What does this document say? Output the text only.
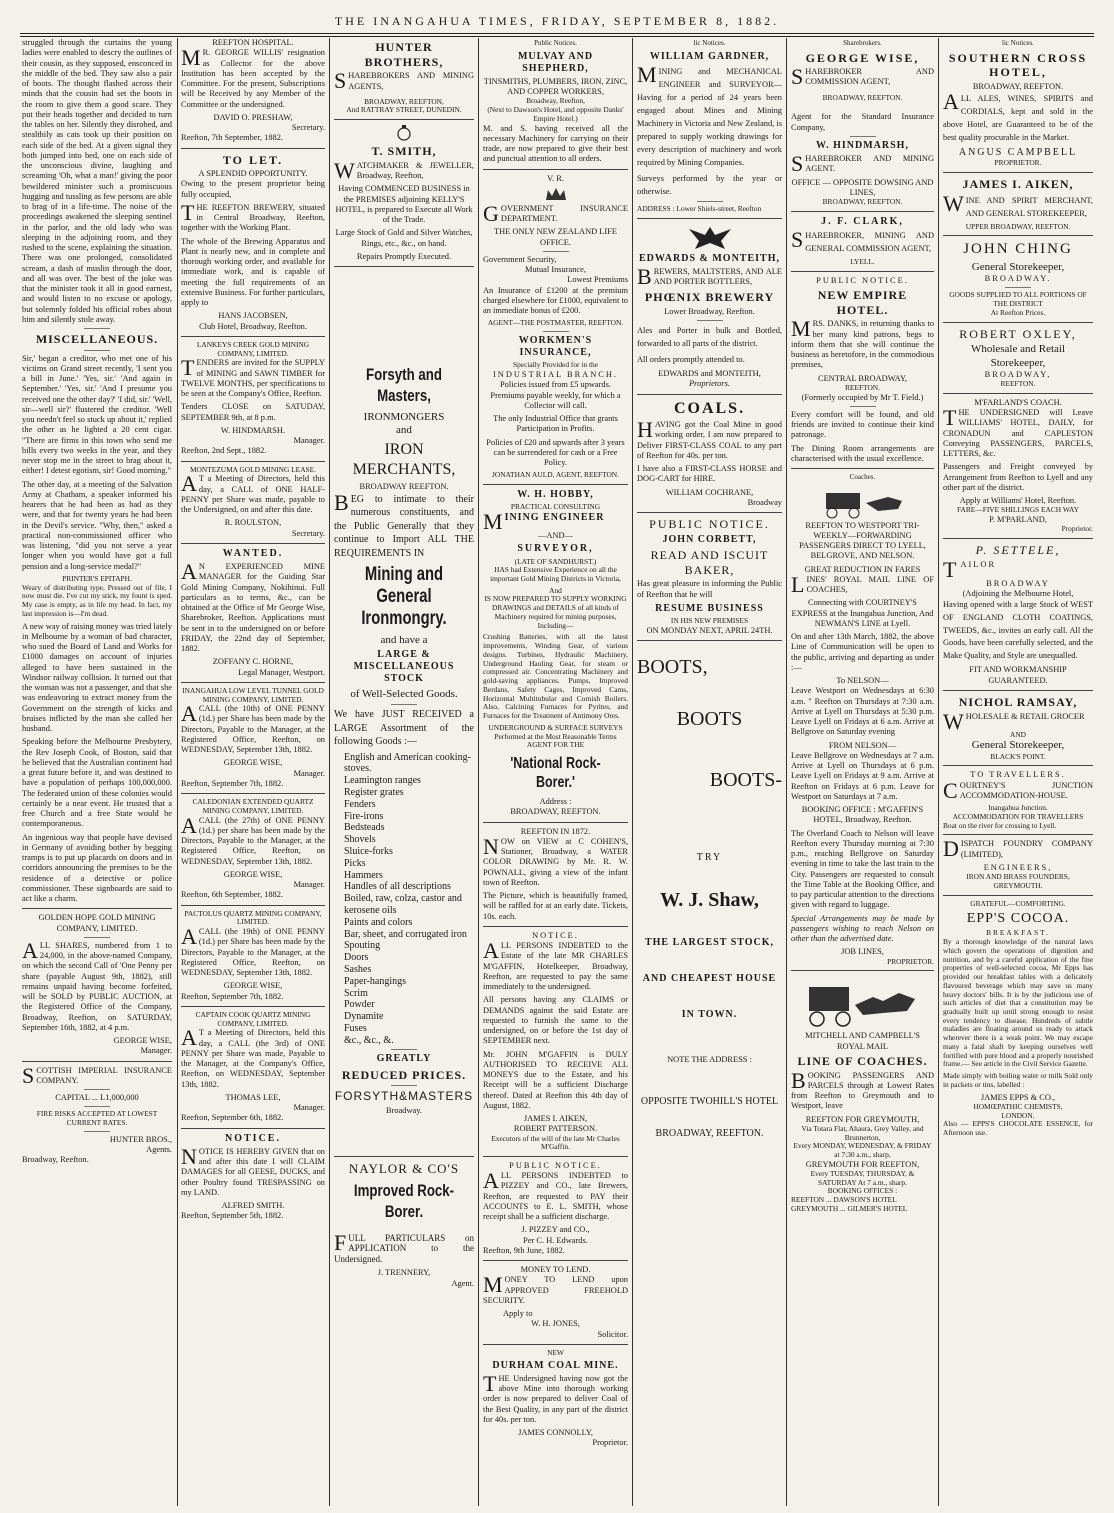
THE INANGAHUA TIMES, FRIDAY, SEPTEMBER 8, 1882.

struggled through the curtains the young ladies were enabled to descry the outlines of their cousin, as they supposed, ensconced in the middle of the bed. They saw also a pair of boots. The thought flashed across their minds that the cousin had set the boots in the room to give them a good scare. They put their heads together and decided to turn the tables on her. Silently they disrobed, and stealthily as cats took up their position on each side of the bed. At a given signal they both jumped into bed, one on each side of the unconscious divine, laughing and screaming 'Oh, what a man!' giving the poor bewildered minister such a promiscuous hugging and tussling as few persons are able to brag of in a life-time. The noise of the proceedings awakened the sleeping sentinel in the parlor, and the old lady who was sleeping in the adjoining room, and they rushed to the scene, explaining the situation. There was one prolonged, consolidated scream, a dash of muslin through the door, and all was over. The best of the joke was that the minister took it all in good earnest, and would listen to no excuse or apology, but solemnly folded his official robes about him and silently stole away.

MISCELLANEOUS.

Sir,' began a creditor, who met one of his victims on Grand street recently, 'I sent you a bill in June.' 'Yes, sir.' 'And again in September.' 'Yes, sir.' 'And I presume you received one the other day?' 'I did, sir.' 'Well, sir—well sir?' flustered the creditor. 'Well you needn't feel so stuck up about it,' replied the other as he lighted a 20 cent cigar. "There are firms in this town who send me bills every two weeks in the year, and they never stop me in the street to brag about it, either! I detest egotism, sir! Good morning."

The other day, at a meeting of the Salvation Army at Chatham, a speaker informed his hearers that he had been as bad as they were, and that for twenty years he had been in the Devil's service. "Why, then," asked a practical non-commissioned officer who was listening, "did you not serve a year longer when you would have got a full pension and a long-service medal?"

PRINTER'S EPITAPH.

Weary of distributing type, Pressed out of file, I now must die. I've cut my stick, my fount is sped. My case is empty, as in life my head. In fact, my last impression is—I'm dead.

A new way of raising money was tried lately in Melbourne by a woman of bad character, who sued the Board of Land and Works for £1000 damages on account of injuries alleged to have been sustained in the Windsor railway collision. It turned out that the woman was not a passenger, and that she was endeavoring to extract money from the Government on the strength of kicks and bruises inflicted by the man she called her husband.

Speaking before the Melbourne Presbytery, the Rev Joseph Cook, of Boston, said that he believed that the Australian continent had a great future before it, and was destined to have a population of perhaps 100,000,000. The federated union of these colonies would certainly be a near event. He trusted that a free Church and a free State would be contemporaneous.

An ingenious way that people have devised in Germany of avoiding bother by begging tramps is to put up placards on doors and in corridors announcing the premises to be the residence of a detective or police commissioner. These signboards are said to act like a charm.

GOLDEN HOPE GOLD MINING COMPANY, LIMITED.

ALL SHARES, numbered from 1 to 24,000, in the above-named Company, on which the second Call of 'One Penny per share (payable August 9th, 1882), still remains unpaid having become forfeited, will be SOLD by PUBLIC AUCTION, at the Registered Office of the Company, Broadway, Reefton, on SATURDAY, September 16th, 1882, at 4 p.m.

GEORGE WISE,
Manager.

SCOTTISH IMPERIAL INSURANCE COMPANY.

CAPITAL ... L1,000,000
FIRE RISKS ACCEPTED AT LOWEST CURRENT RATES.
HUNTER BROS.,
Agents.
Broadway, Reefton.
REEFTON HOSPITAL.

M R. GEORGE WILLIS' resignation as Collector for the above Institution has been accepted by the Committee. For the present, Subscriptions will be Received by any Member of the Committee or the undersigned.

DAVID O. PRESHAW,
Secretary.
Reefton, 7th September, 1882.
TO LET.
A SPLENDID OPPORTUNITY.

Owing to the present proprietor being fully occupied,

THE REEFTON BREWERY, situated in Central Broadway, Reefton, together with the Working Plant.

The whole of the Brewing Apparatus and Plant is nearly new, and in complete and thorough working order, and available for immediate work, and is capable of meeting the full requirements of an extensive Business. For further particulars, apply to

HANS JACOBSEN,
Club Hotel, Broadway, Reefton.
LANKEYS CREEK GOLD MINING COMPANY, LIMITED.

TENDERS are invited for the SUPPLY of MINING and SAWN TIMBER for TWELVE MONTHS, per specifications to be seen at the Company's Office, Reefton.

Tenders CLOSE on SATUDAY, SEPTEMBER 9th, at 8 p.m.

W. HINDMARSH.
Manager.
Reefton, 2nd Sept., 1882.
MONTEZUMA GOLD MINING LEASE.

A T a Meeting of Directors, held this day, a CALL of ONE HALF-PENNY per Share was made, payable to the Undersigned, on and after this date.

R. ROULSTON,
Secretary.
WANTED.

A N EXPERIENCED MINE MANAGER for the Guiding Star Gold Mining Company, Nokihinui. Full particulars as to terms, &c., can be obtained at the Office of Mr George Wise, Sharebroker, Reefton. Applications must be sent in to the undersigned on or before FRIDAY, the 22nd day of September, 1882.

ZOFFANY C. HORNE,
Legal Manager, Westport.
INANGAHUA LOW LEVEL TUNNEL GOLD MINING COMPANY, LIMITED.

ACALL (the 10th) of ONE PENNY (1d.) per Share has been made by the Directors, Payable to the Manager, at the Registered Office, Reefton, on WEDNESDAY, September 13th, 1882.

GEORGE WISE,
Manager.
Reefton, September 7th, 1882.
CALEDONIAN EXTENDED QUARTZ MINING COMPANY, LIMITED.

ACALL (the 27th) of ONE PENNY (1d.) per share has been made by the Directors, Payable to the Manager, at the Registered Office, Reefton, on WEDNESDAY, September 13th, 1882.

GEORGE WISE,
Manager.
Reefton, 6th September, 1882.
PACTOLUS QUARTZ MINING COMPANY, LIMITED.

ACALL (the 19th) of ONE PENNY (1d.) per Share has been made by the Directors, Payable to the Manager, at the Registered Office, Reefton, on WEDNESDAY, September 13th, 1882.

GEORGE WISE,
Reefton, September 7th, 1882.
CAPTAIN COOK QUARTZ MINING COMPANY, LIMITED.

A T a Meeting of Directors, held this day, a CALL (the 3rd) of ONE PENNY per Share was made, Payable to the Manager, at the Company's Office, Reefton, on WEDNESDAY, September 13th, 1882.

THOMAS LEE,
Manager.
Reefton, September 6th, 1882.
NOTICE.

NOTICE IS HEREBY GIVEN that on and after this date I will CLAIM DAMAGES for all GEESE, DUCKS, and other Poultry found TRESPASSING on my LAND.

ALFRED SMITH.
Reefton, September 5th, 1882.
HUNTER BROTHERS,

SHAREBROKERS AND MINING AGENTS,

BROADWAY, REEFTON,
And RATTRAY STREET, DUNEDIN.
T. SMITH,

WATCHMAKER & JEWELLER, Broadway, Reefton,

Having COMMENCED BUSINESS in the PREMISES adjoining KELLY'S HOTEL, is prepared to Execute all Work of the Trade.

Large Stock of Gold and Silver Watches, Rings, etc., &c., on hand.

Repairs Promptly Executed.
Forsyth and Masters,
IRONMONGERS
and
IRON MERCHANTS,
BROADWAY REEFTON.

BEG to intimate to their numerous constituents, and the Public Generally that they continue to Import ALL THE REQUIREMENTS IN

Mining and General Ironmongry.
and have a
LARGE & MISCELLANEOUS STOCK
of Well-Selected Goods.

We have JUST RECEIVED a LARGE Assortment of the following Goods :—

English and American cooking-stoves.
Leamington ranges
Register grates
Fenders
Fire-irons
Bedsteads
Shovels
Sluice-forks
Picks
Hammers
Handles of all descriptions
Boiled, raw, colza, castor and kerosene oils
Paints and colors
Bar, sheet, and corrugated iron
Spouting
Doors
Sashes
Paper-hangings
Scrim
Powder
Dynamite
Fuses
&c., &c., &.
GREATLY
REDUCED PRICES.
FORSYTH&MASTERS
Broadway.
NAYLOR & CO'S
Improved Rock-Borer.

FULL PARTICULARS on APPLICATION to the Undersigned.

J. TRENNERY,
Agent.
Public Notices.
MULVAY AND SHEPHERD,
TINSMITHS, PLUMBERS, IRON, ZINC, AND COPPER WORKERS,
Broadway, Reefton,
(Next to Dawson's Hotel, and opposite Danks' Empire Hotel.)

M. and S. having received all the necessary Machinery for carrying on their trade, are now prepared to give their best and punctual attention to all orders.

V. R.

GOVERNMENT INSURANCE DEPARTMENT.

THE ONLY NEW ZEALAND LIFE OFFICE.
Government Security,
Mutual Insurance,
Lowest Premiums

An Insurance of £1200 at the premium charged elsewhere for £1000, equivalent to an immediate bonus of £200.

AGENT—THE POSTMASTER, REEFTON.
WORKMEN'S INSURANCE,
Specially Provided for in the
INDUSTRIAL BRANCH.

Policies issued from £5 upwards. Premiums payable weekly, for which a Collector will call.

The only Industrial Office that grants Participation in Profits.

Policies of £20 and upwards after 3 years can be surrendered for cash or a Free Policy.

JONATHAN AULD, AGENT, REEFTON.
W. H. HOBBY,
PRACTICAL CONSULTING

MINING ENGINEER

—AND—
SURVEYOR,
(LATE OF SANDHURST.)

HAS had Extensive Experience on all the important Gold Mining Districts in Victoria,

And

IS NOW PREPARED TO SUPPLY WORKING DRAWINGS and DETAILS of all kinds of Machinery required for mining purposes, Including—

Crushing Batteries, with all the latest improvements, Winding Gear, of various designs. Turbines, Hydraulic Machinery, Underground Hauling Gear, for steam or compressed air. Concentrating Machinery and gold-saving appliances. Pumps, Improved Berdans, Safety Cages, Improved Cams, Horizontal Multitubular and Cornish Boilers. Also, Calcining Furnaces for Pyrites, and Furnaces for the Treatment of Antimony Ores.

UNDERGROUND & SURFACE SURVEYS
Performed at the Most Reasonable Terms
AGENT FOR THE
'National Rock-Borer.'
Address :
BROADWAY, REEFTON.
REEFTON IN 1872.

NOW on VIEW at C COHEN'S, Stationer, Broadway, a WATER COLOR DRAWING by Mr. R. W. POWNALL, giving a view of the infant town of Reefton.

The Picture, which is beautifully framed, will be raffled for at an early date. Tickets, 10s. each.

NOTICE.

ALL PERSONS INDEBTED to the Estate of the late MR CHARLES M'GAFFIN, Hotelkeeper, Broadway, Reefton, are requested to pay the same immediately to the undersigned.

All persons having any CLAIMS or DEMANDS against the said Estate are requested to furnish the same to the undersigned, on or before the 1st day of SEPTEMBER next.

Mr. JOHN M'GAFFIN is DULY AUTHORISED TO RECEIVE ALL MONEYS due to the Estate, and his Receipt will be a sufficient Discharge thereof. Dated at Reefton this 4th day of August, 1882.

JAMES I. AIKEN,
ROBERT PATTERSON.
Executors of the will of the late Mr Charles M'Gaffin.
PUBLIC NOTICE.

ALL PERSONS INDEBTED to PIZZEY and CO., late Brewers, Reefton, are requested to PAY their ACCOUNTS to E. L. SMITH, whose receipt shall be a sufficient discharge.

J. PIZZEY and CO.,
Per C. H. Edwards.
Reefton, 9th June, 1882.
MONEY TO LEND.

MONEY TO LEND upon APPROVED FREEHOLD SECURITY.

Apply to
W. H. JONES,
Solicitor.
NEW
DURHAM COAL MINE.

THE Undersigned having now got the above Mine into thorough working order is now prepared to deliver Coal of the Best Quality, in any part of the district for 40s. per ton.

JAMES CONNOLLY,
Proprietor.
lic Notices.
WILLIAM GARDNER,

MINING and MECHANICAL ENGINEER and SURVEYOR—Having for a period of 24 years been engaged about Mines and Mining Machinery in Victoria and New Zealand, is prepared to supply working drawings for every description of machinery and work required by Mining Companies.

Surveys performed by the year or otherwise.

ADDRESS : Lower Shiels-street, Reefton
EDWARDS & MONTEITH,

BREWERS, MALTSTERS, AND ALE AND PORTER BOTTLERS,

PHŒNIX BREWERY
Lower Broadway, Reefton.

Ales and Porter in bulk and Bottled, forwarded to all parts of the district.

All orders promptly attended to.

EDWARDS and MONTEITH,
Proprietors.
COALS.

HAVING got the Coal Mine in good working order, I am now prepared to Deliver FIRST-CLASS COAL to any part of Reefton for 40s. per ton.

I have also a FIRST-CLASS HORSE and DOG-CART for HIRE.

WILLIAM COCHRANE,
Broadway
PUBLIC NOTICE.
JOHN CORBETT,
READ AND ISCUIT BAKER,

Has great pleasure in informing the Public of Reefton that he will

RESUME BUSINESS
IN HIS NEW PREMISES
ON MONDAY NEXT, APRIL 24TH.
BOOTS,
BOOTS
BOOTS-
TRY
W. J. Shaw,
THE LARGEST STOCK,
AND CHEAPEST HOUSE
IN TOWN.
NOTE THE ADDRESS :
OPPOSITE TWOHILL'S HOTEL
BROADWAY, REEFTON.
Sharebrokers.
GEORGE WISE,

SHAREBROKER AND COMMISSION AGENT,

BROADWAY, REEFTON.

Agent for the Standard Insurance Company,

W. HINDMARSH,

SHAREBROKER AND MINING AGENT.

OFFICE — OPPOSITE DOWSING AND LINES,
BROADWAY, REEFTON.
J. F. CLARK,

SHAREBROKER, MINING AND GENERAL COMMISSION AGENT,

LYELL.
PUBLIC NOTICE.
NEW EMPIRE HOTEL.

MRS. DANKS, in returning thanks to her many kind patrons, begs to inform them that she will continue the business as heretofore, in the commodious premises,

CENTRAL BROADWAY,
REEFTON.
(Formerly occupied by Mr T. Field.)

Every comfort will be found, and old friends are invited to continue their kind patronage.

The Dining Room arrangements are characterised with the usual excellence.

Coaches.

REEFTON TO WESTPORT TRI-WEEKLY—FORWARDING PASSENGERS DIRECT TO LYELL, BELGROVE, AND NELSON.

GREAT REDUCTION IN FARES

LINES' ROYAL MAIL LINE OF COACHES,

Connecting with COURTNEY'S EXPRESS at the Inangahua Junction, And NEWMAN'S LINE at Lyell.

On and after 13th March, 1882, the above Line of Communication will be open to the public, arriving and departing as under :—

To NELSON—

Leave Westport on Wednesdays at 6:30 a.m. " Reefton on Thursdays at 7:30 a.m. Arrive at Lyell on Thursdays at 5:30 p.m. Leave Lyell on Fridays at 6 a.m. Arrive at Bellgrove on Saturday evening

FROM NELSON—

Leave Bellgrove on Wednesdays at 7 a.m. Arrive at Lyell on Thursdays at 6 p.m. Leave Lyell on Fridays at 9 a.m. Arrive at Reefton on Fridays at 6 p.m. Leave for Westport on Saturdays at 7 a.m.

BOOKING OFFICE : M'GAFFIN'S HOTEL, Broadway, Reefton.

The Overland Coach to Nelson will leave Reefton every Thursday morning at 7:30 p.m., reaching Bellgrove on Saturday evening in time to take the last train to the City. Passengers are requested to consult the Time Table at the Booking Office, and to pay particular attention to the directions given with regard to luggage.

Special Arrangements may be made by passengers wishing to reach Nelson on other than the advertised date.

JOB LINES,
PROPRIETOR.
MITCHELL AND CAMPBELL'S ROYAL MAIL
LINE OF COACHES.

BOOKING PASSENGERS AND PARCELS through at Lowest Rates from Reefton to Greymouth and to Westport, leave

REEFTON FOR GREYMOUTH,
Via Totara Flat, Ahaura, Grey Valley, and Brunnerton,
Every MONDAY, WEDNESDAY, & FRIDAY at 7:30 a.m., sharp,
GREYMOUTH FOR REEFTON,
Every TUESDAY, THURSDAY, & SATURDAY At 7 a.m., sharp.
BOOKING OFFICES :
REEFTON ... DAWSON'S HOTEL
GREYMOUTH ... GILMER'S HOTEL
lic Notices.
SOUTHERN CROSS HOTEL,
BROADWAY, REEFTON.

ALL ALES, WINES, SPIRITS and CORDIALS, kept and sold in the above Hotel, are Guaranteed to be of the best quality procurable in the Market.

ANGUS CAMPBELL
PROPRIETOR.
JAMES I. AIKEN,

WINE AND SPIRIT MERCHANT, AND GENERAL STOREKEEPER,

UPPER BROADWAY, REEFTON.
JOHN CHING
General Storekeeper,
BROADWAY.
GOODS SUPPLIED TO ALL PORTIONS OF THE DISTRICT
At Reefton Prices.
ROBERT OXLEY,
Wholesale and Retail Storekeeper,
BROADWAY,
REEFTON.
M'FARLAND'S COACH.

THE UNDERSIGNED will Leave WILLIAMS' HOTEL, DAILY, for CRONADUN and CAPLESTON Conveying PASSENGERS, PARCELS, LETTERS, &c.

Passengers and Freight conveyed by Arrangement from Reefton to Lyell and any other part of the district.

Apply at Williams' Hotel, Reefton.
FARE—FIVE SHILLINGS EACH WAY
P. M'PARLAND,
Proprietor.
P. SETTELE,

TAILOR

BROADWAY
(Adjoining the Melbourne Hotel,

Having opened with a large Stock of WEST OF ENGLAND CLOTH COATINGS, TWEEDS, &c., invites an early call. All the Goods, have been carefully selected, and the Make Quality, and Style are unequalled.

FIT AND WORKMANSHIP GUARANTEED.
NICHOL RAMSAY,

WHOLESALE & RETAIL GROCER

AND
General Storekeeper,
BLACK'S POINT.
TO TRAVELLERS.

COURTNEY'S JUNCTION ACCOMMODATION-HOUSE.

Inangahua Junction.
ACCOMMODATION FOR TRAVELLERS
Boat on the river for crossing to Lyell.

DISPATCH FOUNDRY COMPANY (LIMITED),

ENGINEERS,
IRON AND BRASS FOUNDERS,
GREYMOUTH.
GRATEFUL—COMFORTING.
EPP'S COCOA.
BREAKFAST.

By a thorough knowledge of the natural laws which govern the operations of digestion and nutrition, and by a careful application of the fine properties of well-selected cocoa, Mr Epps has provided our breakfast tables with a delicately flavoured beverage which may save us many heavy doctors' bills. It is by the judicious use of such articles of diet that a constitution may be gradually built up until strong enough to resist every tendency to disease. Hundreds of subtle maladies are floating around us ready to attack wherever there is a weak point. We may escape many a fatal shaft by keeping ourselves well fortified with pure blood and a properly nourished frame.— See article in the Civil Service Gazette.

Made simply with boiling water or milk Sold only in packets or tins, labelled :

JAMES EPPS & CO.,
HOMŒPATHIC CHEMISTS,
LONDON.
Also — EPPS'S CHOCOLATE ESSENCE, for Afternoon use.
